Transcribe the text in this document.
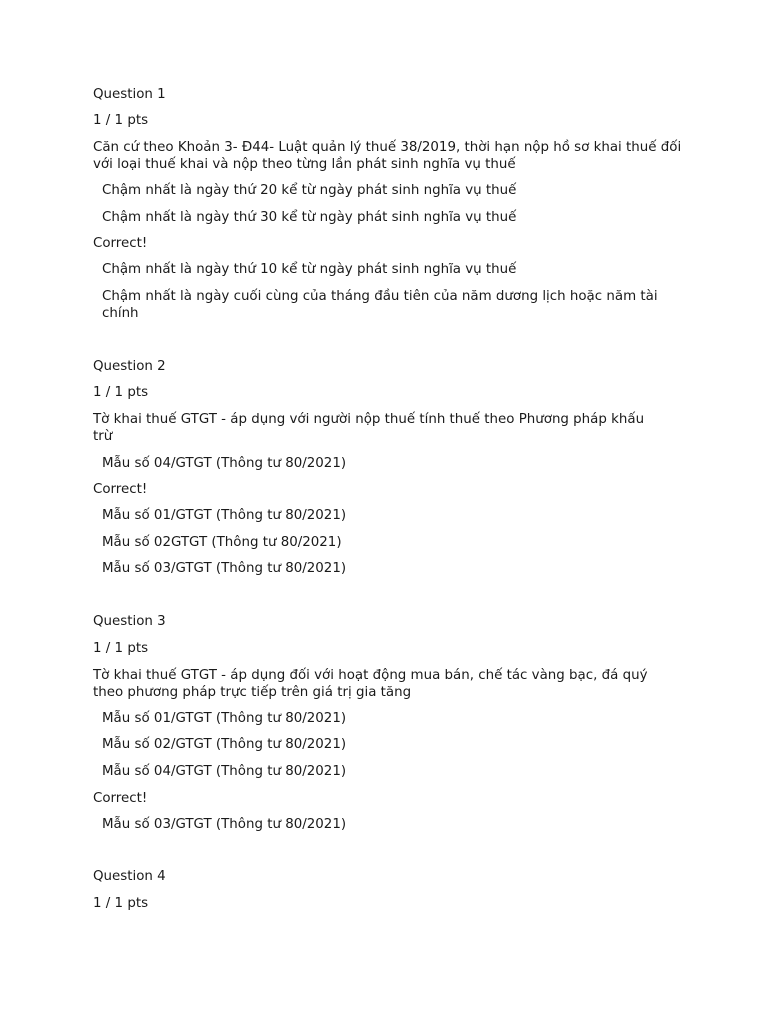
Question 1
1 / 1 pts
Căn cứ theo Khoản 3- Đ44- Luật quản lý thuế 38/2019, thời hạn nộp hồ sơ khai thuế đối với loại thuế khai và nộp theo từng lần phát sinh nghĩa vụ thuế
Chậm nhất là ngày thứ 20 kể từ ngày phát sinh nghĩa vụ thuế
Chậm nhất là ngày thứ 30 kể từ ngày phát sinh nghĩa vụ thuế
Correct!
Chậm nhất là ngày thứ 10 kể từ ngày phát sinh nghĩa vụ thuế
Chậm nhất là ngày cuối cùng của tháng đầu tiên của năm dương lịch hoặc năm tài chính
Question 2
1 / 1 pts
Tờ khai thuế GTGT - áp dụng với người nộp thuế tính thuế theo Phương pháp khấu trừ
Mẫu số 04/GTGT (Thông tư 80/2021)
Correct!
Mẫu số 01/GTGT (Thông tư 80/2021)
Mẫu số 02GTGT (Thông tư 80/2021)
Mẫu số 03/GTGT (Thông tư 80/2021)
Question 3
1 / 1 pts
Tờ khai thuế GTGT - áp dụng đối với hoạt động mua bán, chế tác vàng bạc, đá quý theo phương pháp trực tiếp trên giá trị gia tăng
Mẫu số 01/GTGT (Thông tư 80/2021)
Mẫu số 02/GTGT (Thông tư 80/2021)
Mẫu số 04/GTGT (Thông tư 80/2021)
Correct!
Mẫu số 03/GTGT (Thông tư 80/2021)
Question 4
1 / 1 pts
